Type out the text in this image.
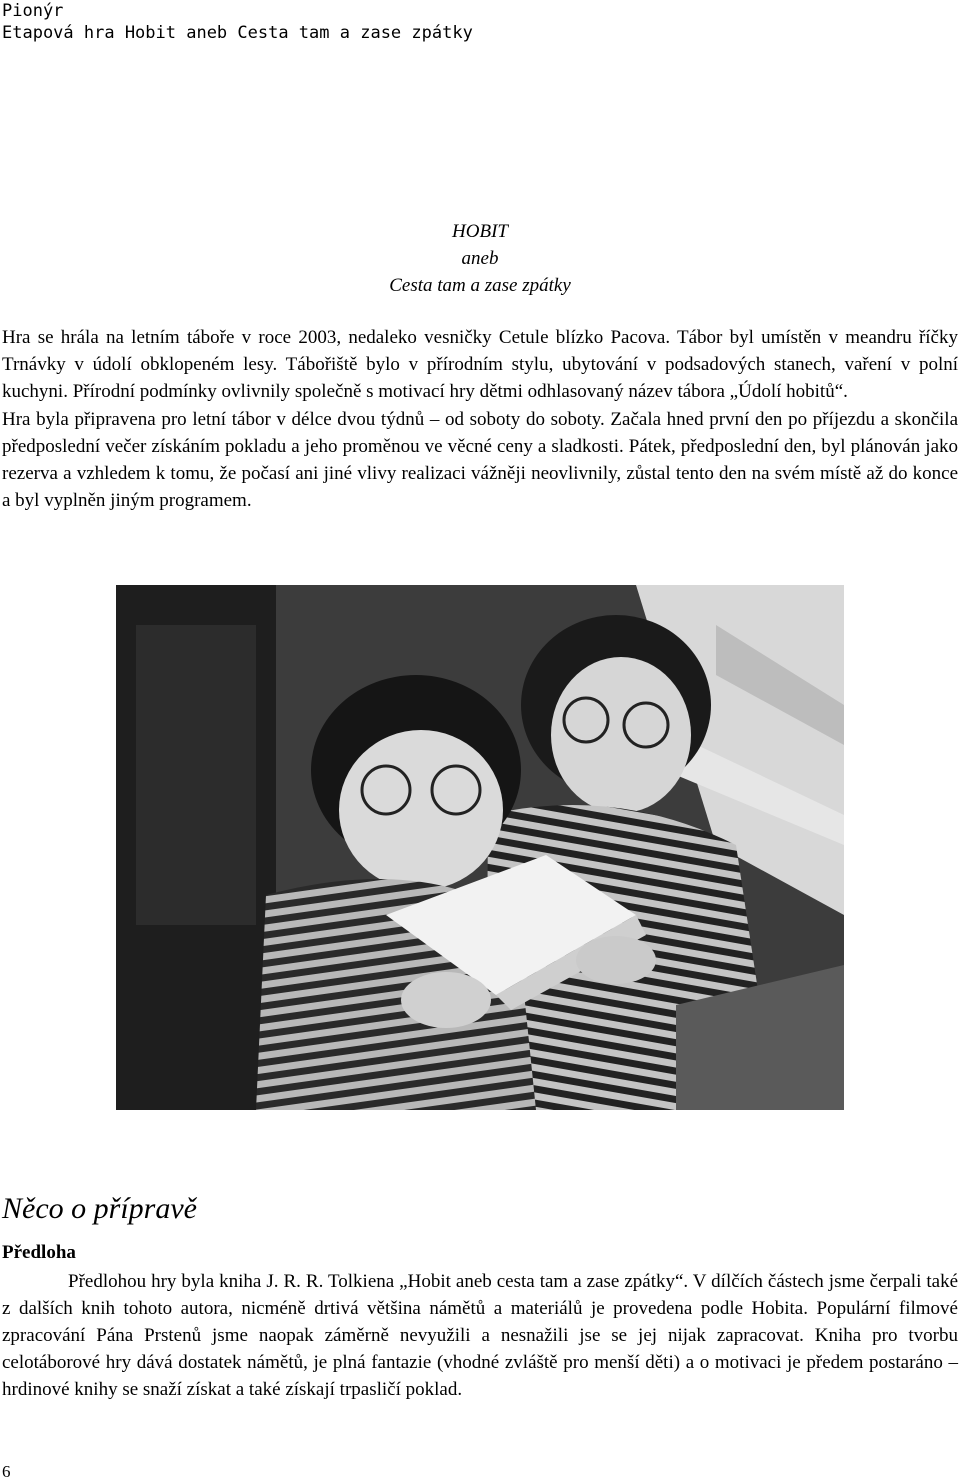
Pionýr
Etapová hra Hobit aneb Cesta tam a zase zpátky
HOBIT
aneb
Cesta tam a zase zpátky

Hra se hrála na letním táboře v roce 2003, nedaleko vesničky Cetule blízko Pacova. Tábor byl umístěn v meandru říčky Trnávky v údolí obklopeném lesy. Tábořiště bylo v přírodním stylu, ubytování v podsadových stanech, vaření v polní kuchyni. Přírodní podmínky ovlivnily společně s motivací hry dětmi odhlasovaný název tábora „Údolí hobitů“.

Hra byla připravena pro letní tábor v délce dvou týdnů – od soboty do soboty. Začala hned první den po příjezdu a skončila předposlední večer získáním pokladu a jeho proměnou ve věcné ceny a sladkosti. Pátek, předposlední den, byl plánován jako rezerva a vzhledem k tomu, že počasí ani jiné vlivy realizaci vážněji neovlivnily, zůstal tento den na svém místě až do konce a byl vyplněn jiným programem.

Něco o přípravě
Předloha

Předlohou hry byla kniha J. R. R. Tolkiena „Hobit aneb cesta tam a zase zpátky“. V dílčích částech jsme čerpali také z dalších knih tohoto autora, nicméně drtivá většina námětů a materiálů je provedena podle Hobita. Populární filmové zpracování Pána Prstenů jsme naopak záměrně nevyužili a nesnažili jse se jej nijak zapracovat. Kniha pro tvorbu celotáborové hry dává dostatek námětů, je plná fantazie (vhodné zvláště pro menší děti) a o motivaci je předem postaráno – hrdinové knihy se snaží získat a také získají trpasličí poklad.

6
